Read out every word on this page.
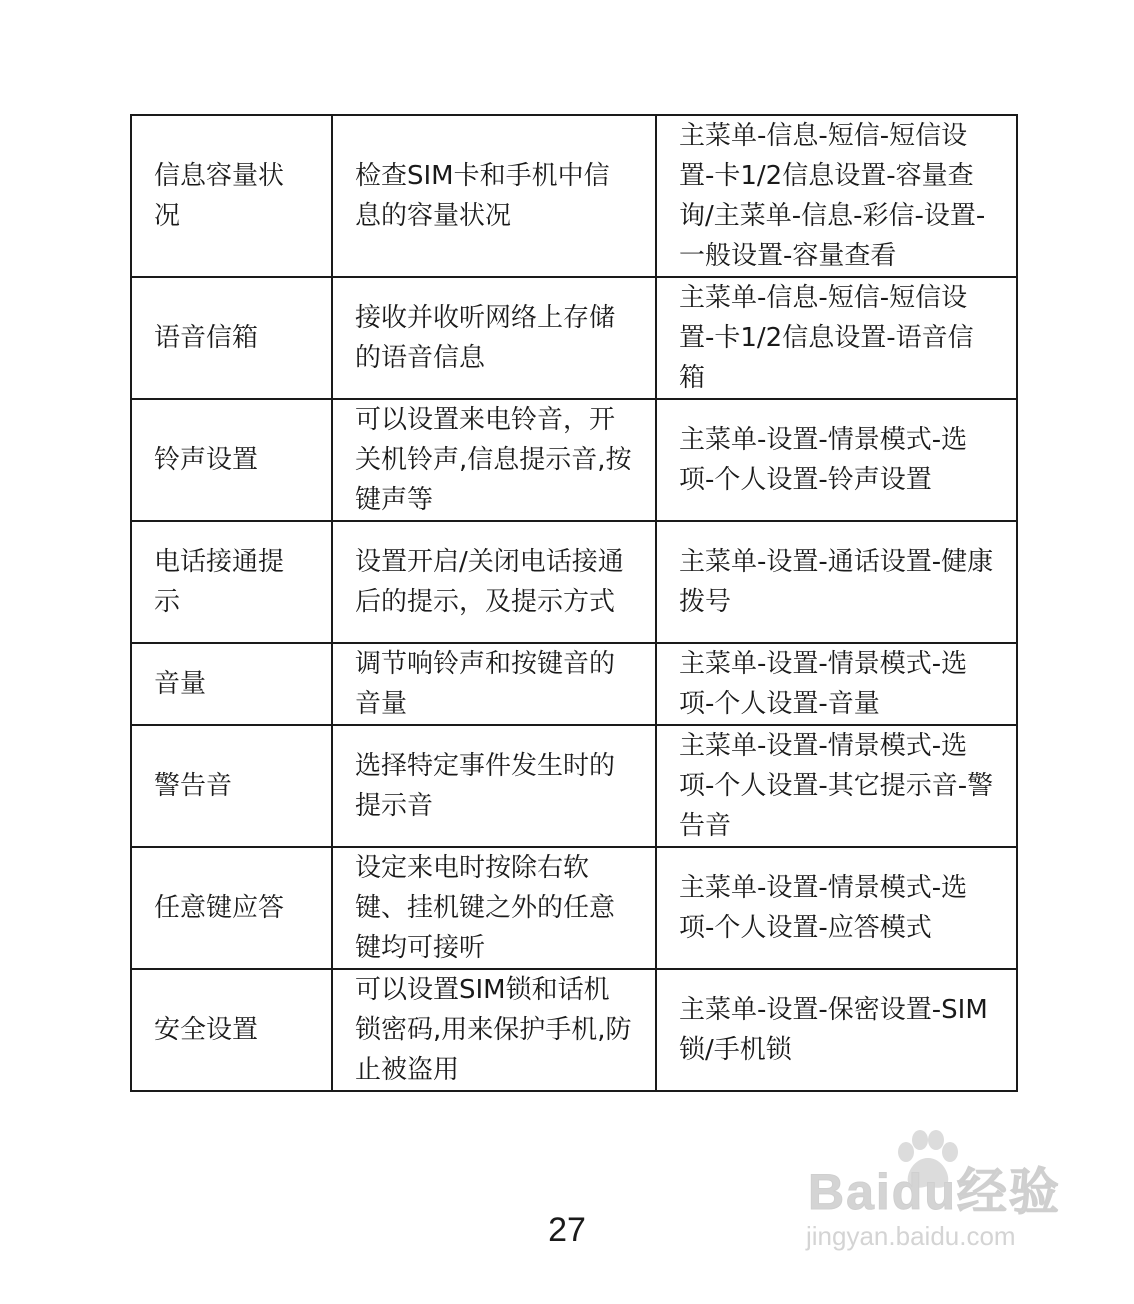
信息容量状况	检查SIM卡和手机中信息的容量状况	主菜单-信息-短信-短信设置-卡1/2信息设置-容量查询/主菜单-信息-彩信-设置-一般设置-容量查看
语音信箱	接收并收听网络上存储的语音信息	主菜单-信息-短信-短信设置-卡1/2信息设置-语音信箱
铃声设置	可以设置来电铃音，开关机铃声,信息提示音,按键声等	主菜单-设置-情景模式-选项-个人设置-铃声设置
电话接通提示	设置开启/关闭电话接通后的提示，及提示方式	主菜单-设置-通话设置-健康拨号
音量	调节响铃声和按键音的音量	主菜单-设置-情景模式-选项-个人设置-音量
警告音	选择特定事件发生时的提示音	主菜单-设置-情景模式-选项-个人设置-其它提示音-警告音
任意键应答	设定来电时按除右软键、挂机键之外的任意键均可接听	主菜单-设置-情景模式-选项-个人设置-应答模式
安全设置	可以设置SIM锁和话机锁密码,用来保护手机,防止被盗用	主菜单-设置-保密设置-SIM锁/手机锁
Baidu经验
jingyan.baidu.com
27
